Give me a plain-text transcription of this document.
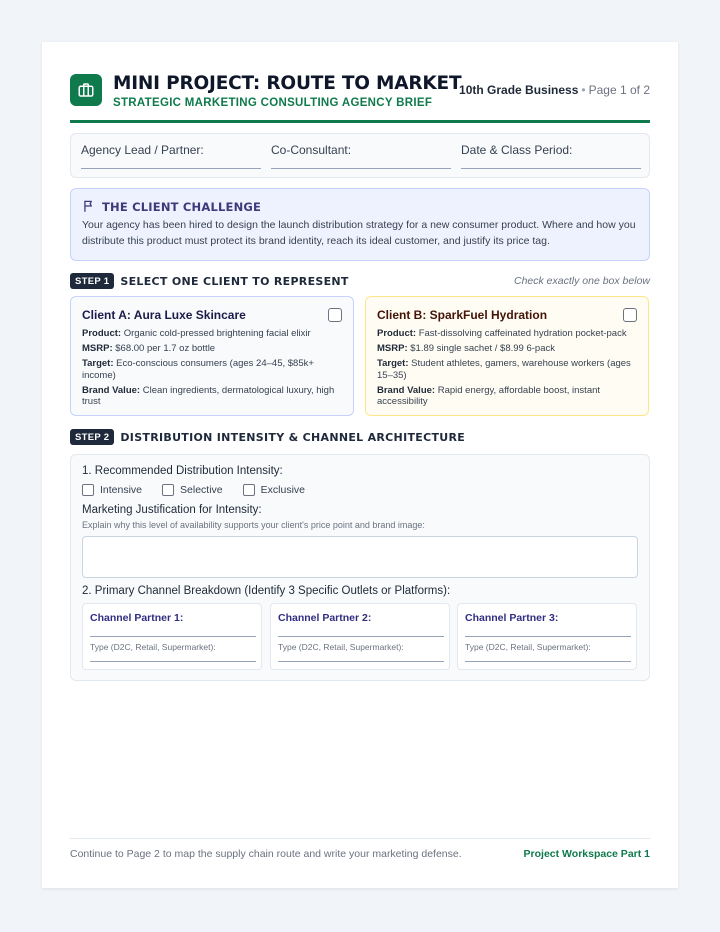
MINI PROJECT: ROUTE TO MARKET
STRATEGIC MARKETING CONSULTING AGENCY BRIEF
10th Grade Business • Page 1 of 2
Agency Lead / Partner:	Co-Consultant:	Date & Class Period:
THE CLIENT CHALLENGE
Your agency has been hired to design the launch distribution strategy for a new consumer product. Where and how you distribute this product must protect its brand identity, reach its ideal customer, and justify its price tag.
STEP 1	SELECT ONE CLIENT TO REPRESENT	Check exactly one box below
Client A: Aura Luxe Skincare
Product: Organic cold-pressed brightening facial elixir
MSRP: $68.00 per 1.7 oz bottle
Target: Eco-conscious consumers (ages 24–45, $85k+ income)
Brand Value: Clean ingredients, dermatological luxury, high trust
Client B: SparkFuel Hydration
Product: Fast-dissolving caffeinated hydration pocket-pack
MSRP: $1.89 single sachet / $8.99 6-pack
Target: Student athletes, gamers, warehouse workers (ages 15–35)
Brand Value: Rapid energy, affordable boost, instant accessibility
STEP 2	DISTRIBUTION INTENSITY & CHANNEL ARCHITECTURE
1. Recommended Distribution Intensity:
Intensive	Selective	Exclusive
Marketing Justification for Intensity:
Explain why this level of availability supports your client's price point and brand image:
2. Primary Channel Breakdown (Identify 3 Specific Outlets or Platforms):
Channel Partner 1:
Type (D2C, Retail, Supermarket):
Channel Partner 2:
Type (D2C, Retail, Supermarket):
Channel Partner 3:
Type (D2C, Retail, Supermarket):
Continue to Page 2 to map the supply chain route and write your marketing defense.	Project Workspace Part 1
